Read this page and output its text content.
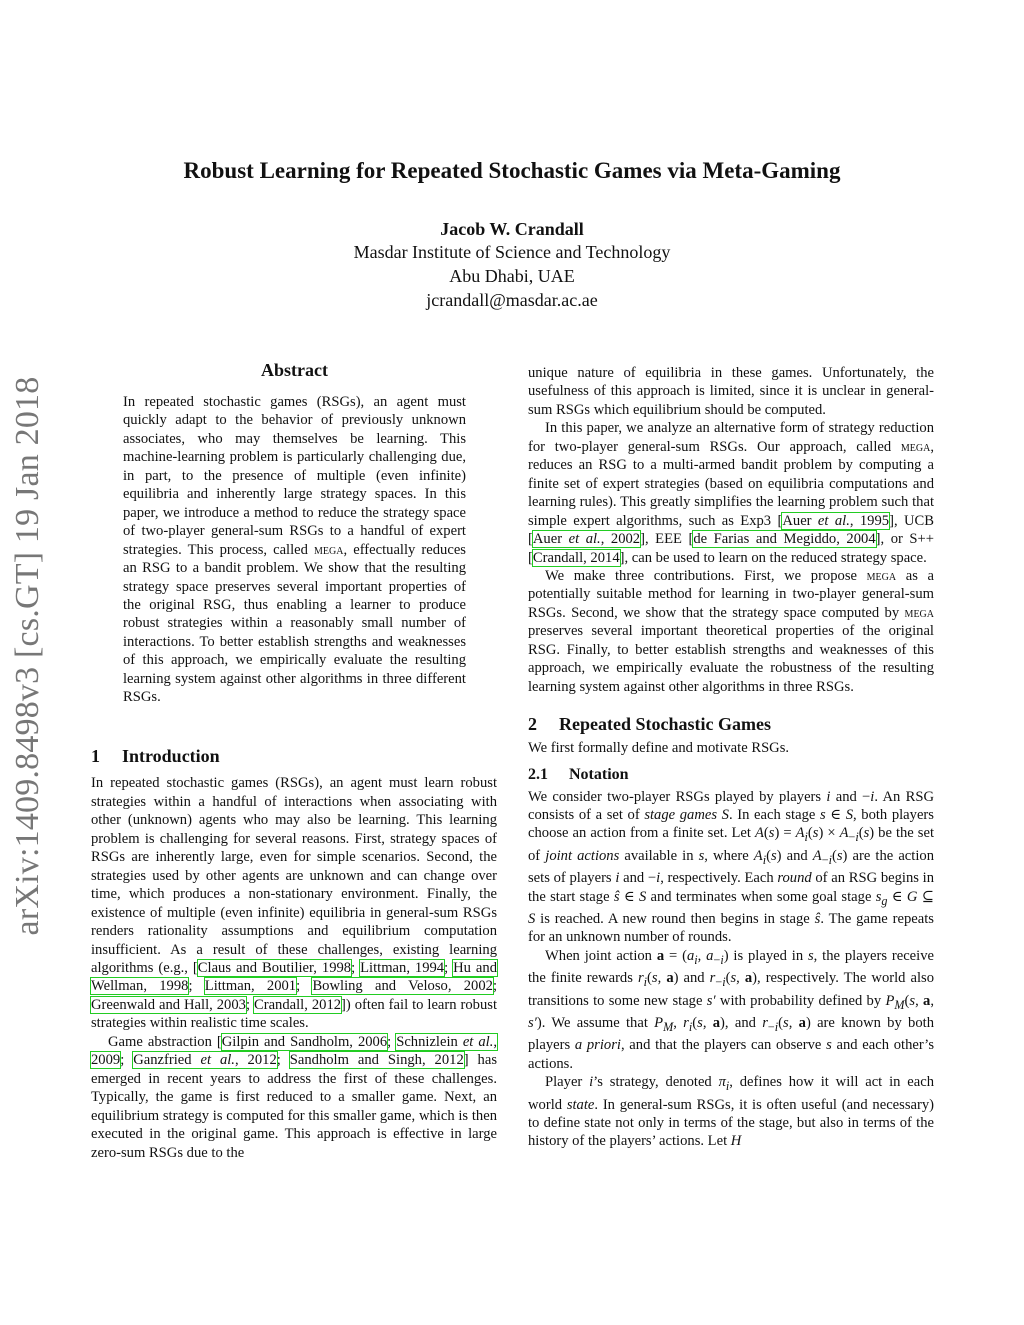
Robust Learning for Repeated Stochastic Games via Meta-Gaming
Jacob W. Crandall
Masdar Institute of Science and Technology
Abu Dhabi, UAE
jcrandall@masdar.ac.ae
arXiv:1409.8498v3 [cs.GT] 19 Jan 2018
Abstract
In repeated stochastic games (RSGs), an agent must quickly adapt to the behavior of previously unknown associates, who may themselves be learning. This machine-learning problem is particularly challenging due, in part, to the presence of multiple (even infinite) equilibria and inherently large strategy spaces. In this paper, we introduce a method to reduce the strategy space of two-player general-sum RSGs to a handful of expert strategies. This process, called mega, effectually reduces an RSG to a bandit problem. We show that the resulting strategy space preserves several important properties of the original RSG, thus enabling a learner to produce robust strategies within a reasonably small number of interactions. To better establish strengths and weaknesses of this approach, we empirically evaluate the resulting learning system against other algorithms in three different RSGs.
1 Introduction

In repeated stochastic games (RSGs), an agent must learn robust strategies within a handful of interactions when associating with other (unknown) agents who may also be learning. This learning problem is challenging for several reasons. First, strategy spaces of RSGs are inherently large, even for simple scenarios. Second, the strategies used by other agents are unknown and can change over time, which produces a non-stationary environment. Finally, the existence of multiple (even infinite) equilibria in general-sum RSGs renders rationality assumptions and equilibrium computation insufficient. As a result of these challenges, existing learning algorithms (e.g., [Claus and Boutilier, 1998; Littman, 1994; Hu and Wellman, 1998; Littman, 2001; Bowling and Veloso, 2002; Greenwald and Hall, 2003; Crandall, 2012]) often fail to learn robust strategies within realistic time scales.

Game abstraction [Gilpin and Sandholm, 2006; Schnizlein et al., 2009; Ganzfried et al., 2012; Sandholm and Singh, 2012] has emerged in recent years to address the first of these challenges. Typically, the game is first reduced to a smaller game. Next, an equilibrium strategy is computed for this smaller game, which is then executed in the original game. This approach is effective in large zero-sum RSGs due to the

unique nature of equilibria in these games. Unfortunately, the usefulness of this approach is limited, since it is unclear in general-sum RSGs which equilibrium should be computed.

In this paper, we analyze an alternative form of strategy reduction for two-player general-sum RSGs. Our approach, called mega, reduces an RSG to a multi-armed bandit problem by computing a finite set of expert strategies (based on equilibria computations and learning rules). This greatly simplifies the learning problem such that simple expert algorithms, such as Exp3 [Auer et al., 1995], UCB [Auer et al., 2002], EEE [de Farias and Megiddo, 2004], or S++ [Crandall, 2014], can be used to learn on the reduced strategy space.

We make three contributions. First, we propose mega as a potentially suitable method for learning in two-player general-sum RSGs. Second, we show that the strategy space computed by mega preserves several important theoretical properties of the original RSG. Finally, to better establish strengths and weaknesses of this approach, we empirically evaluate the robustness of the resulting learning system against other algorithms in three RSGs.

2 Repeated Stochastic Games

We first formally define and motivate RSGs.

2.1 Notation

We consider two-player RSGs played by players i and −i. An RSG consists of a set of stage games S. In each stage s ∈ S, both players choose an action from a finite set. Let $A(s) = A_i(s) \times A_{-i}(s)$ be the set of joint actions available in s, where $A_i(s)$ and $A_{-i}(s)$ are the action sets of players i and −i, respectively. Each round of an RSG begins in the start stage ŝ ∈ S and terminates when some goal stage $s_g$ ∈ G ⊆ S is reached. A new round then begins in stage ŝ. The game repeats for an unknown number of rounds.

When joint action $a = (a_i$, $a_{-i}$) is played in s, the players receive the finite rewards $r_i(s$, a) and $r_{-i}(s$, a), respectively. The world also transitions to some new stage s′ with probability defined by $P_M(s$, a, s′). We assume that $P_M$, $r_i(s$, a), and $r_{-i}(s$, a) are known by both players a priori, and that the players can observe s and each other’s actions.

Player i’s strategy, denoted $\pi_i$, defines how it will act in each world state. In general-sum RSGs, it is often useful (and necessary) to define state not only in terms of the stage, but also in terms of the history of the players’ actions. Let H
